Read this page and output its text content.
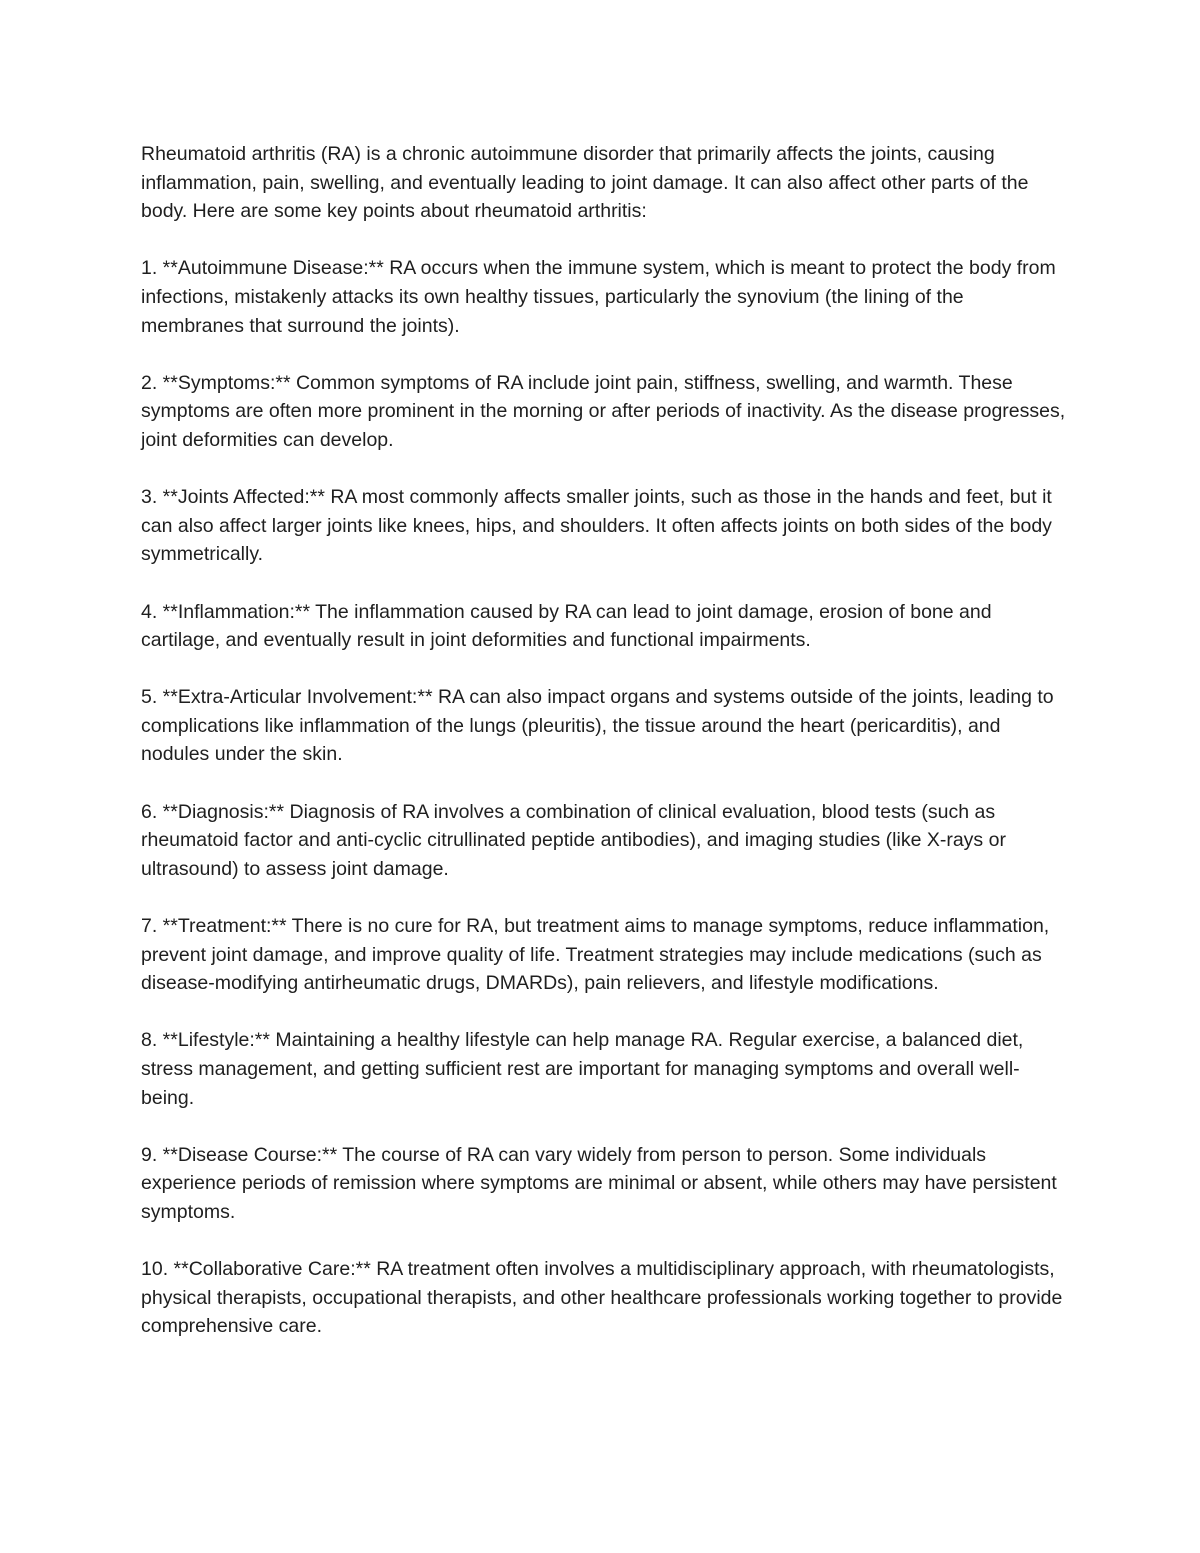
Rheumatoid arthritis (RA) is a chronic autoimmune disorder that primarily affects the joints, causing inflammation, pain, swelling, and eventually leading to joint damage. It can also affect other parts of the body. Here are some key points about rheumatoid arthritis:

1. **Autoimmune Disease:** RA occurs when the immune system, which is meant to protect the body from infections, mistakenly attacks its own healthy tissues, particularly the synovium (the lining of the membranes that surround the joints).

2. **Symptoms:** Common symptoms of RA include joint pain, stiffness, swelling, and warmth. These symptoms are often more prominent in the morning or after periods of inactivity. As the disease progresses, joint deformities can develop.

3. **Joints Affected:** RA most commonly affects smaller joints, such as those in the hands and feet, but it can also affect larger joints like knees, hips, and shoulders. It often affects joints on both sides of the body symmetrically.

4. **Inflammation:** The inflammation caused by RA can lead to joint damage, erosion of bone and cartilage, and eventually result in joint deformities and functional impairments.

5. **Extra-Articular Involvement:** RA can also impact organs and systems outside of the joints, leading to complications like inflammation of the lungs (pleuritis), the tissue around the heart (pericarditis), and nodules under the skin.

6. **Diagnosis:** Diagnosis of RA involves a combination of clinical evaluation, blood tests (such as rheumatoid factor and anti-cyclic citrullinated peptide antibodies), and imaging studies (like X-rays or ultrasound) to assess joint damage.

7. **Treatment:** There is no cure for RA, but treatment aims to manage symptoms, reduce inflammation, prevent joint damage, and improve quality of life. Treatment strategies may include medications (such as disease-modifying antirheumatic drugs, DMARDs), pain relievers, and lifestyle modifications.

8. **Lifestyle:** Maintaining a healthy lifestyle can help manage RA. Regular exercise, a balanced diet, stress management, and getting sufficient rest are important for managing symptoms and overall well-being.

9. **Disease Course:** The course of RA can vary widely from person to person. Some individuals experience periods of remission where symptoms are minimal or absent, while others may have persistent symptoms.

10. **Collaborative Care:** RA treatment often involves a multidisciplinary approach, with rheumatologists, physical therapists, occupational therapists, and other healthcare professionals working together to provide comprehensive care.
